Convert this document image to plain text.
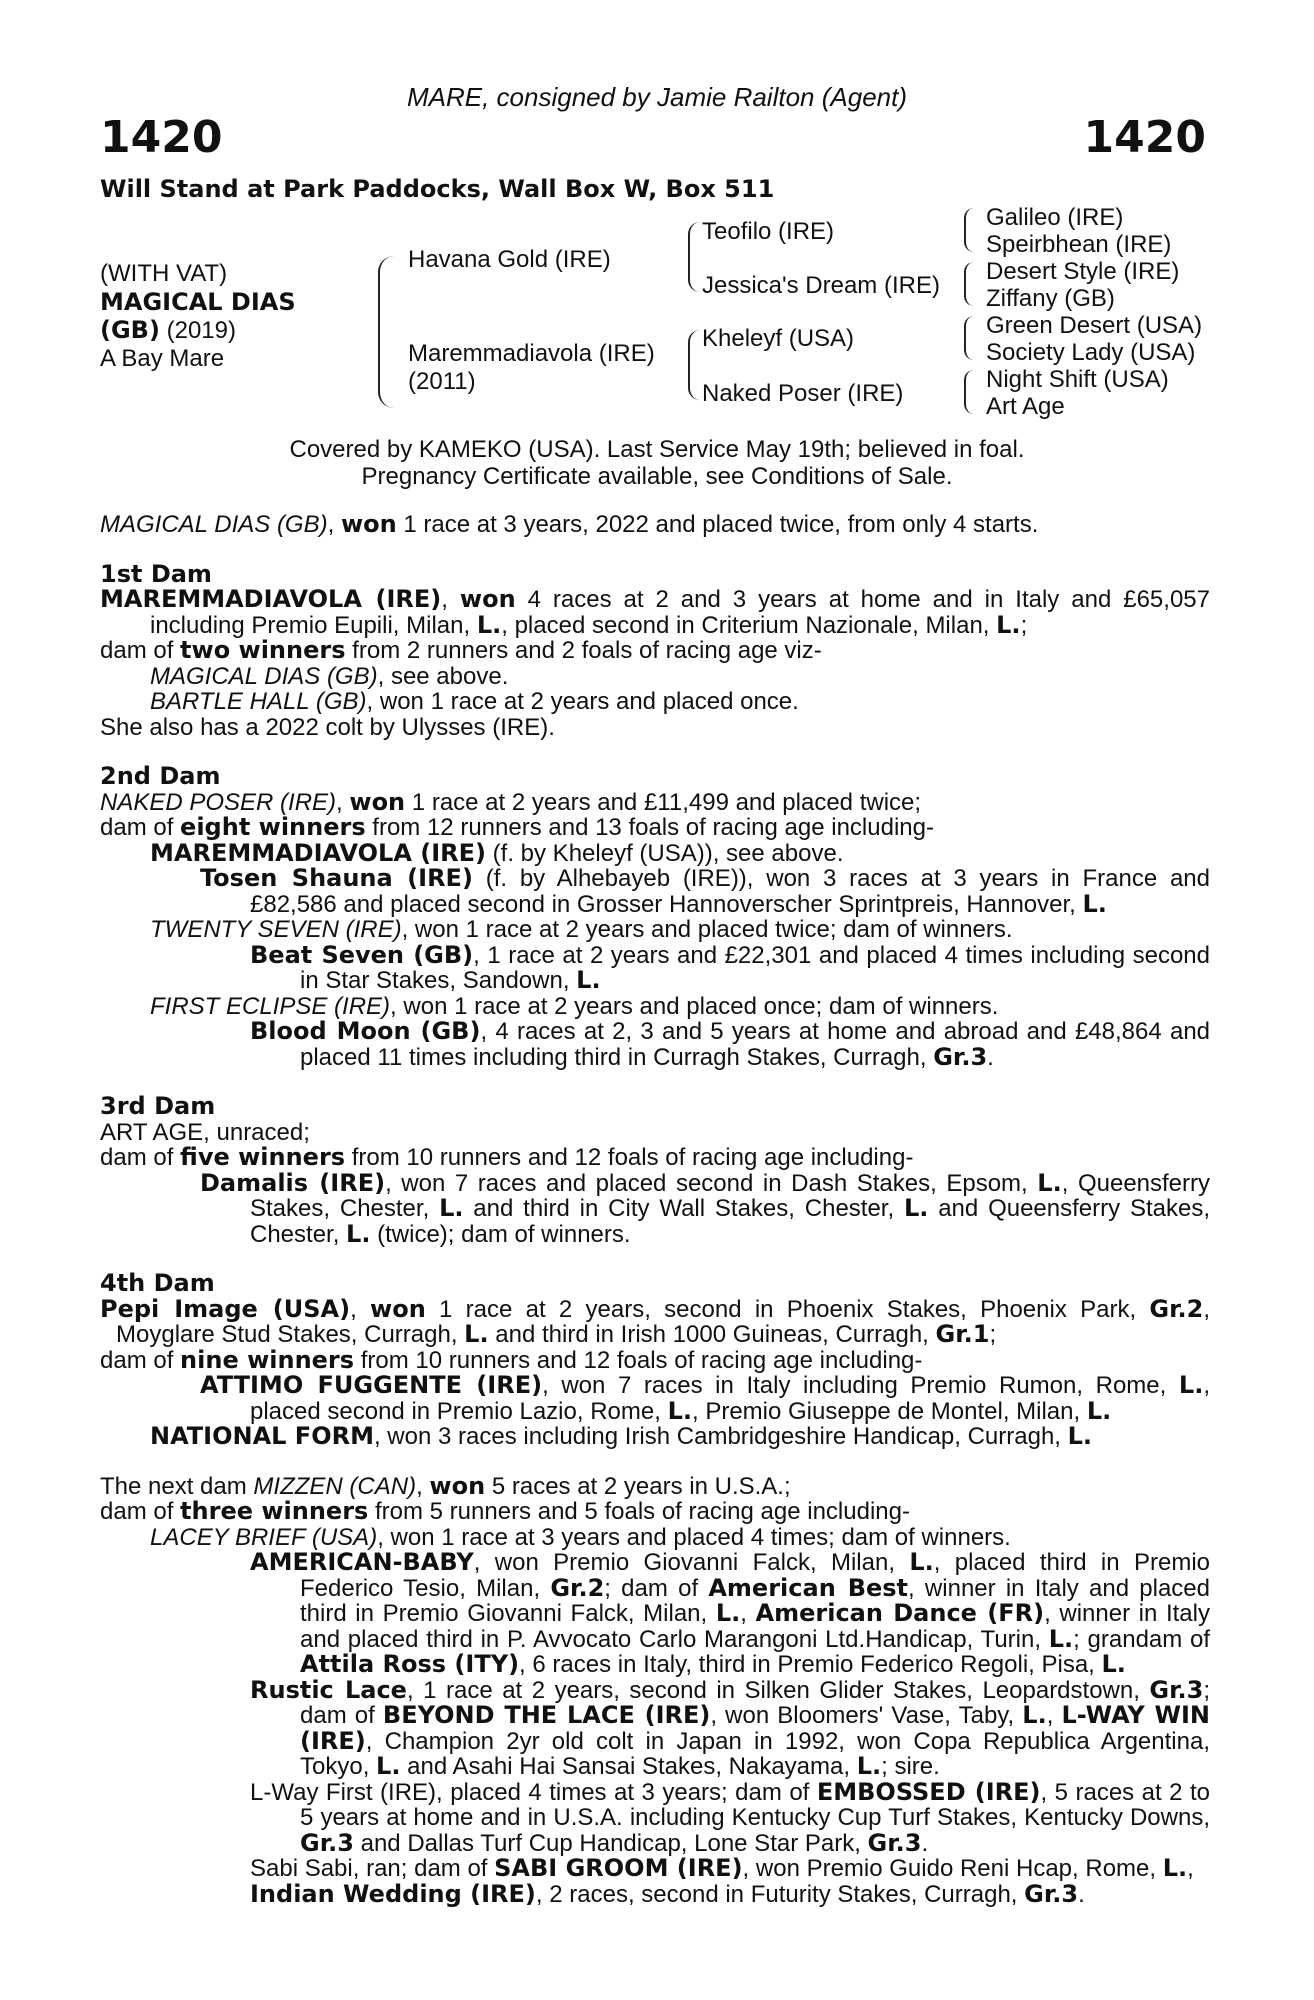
MARE, consigned by Jamie Railton (Agent)
1420	1420
Will Stand at Park Paddocks, Wall Box W, Box 511
(WITH VAT)
MAGICAL DIAS
(GB) (2019)
A Bay Mare
Havana Gold (IRE)
Maremmadiavola (IRE)
(2011)
Teofilo (IRE)
Jessica's Dream (IRE)
Kheleyf (USA)
Naked Poser (IRE)
Galileo (IRE)
Speirbhean (IRE)
Desert Style (IRE)
Ziffany (GB)
Green Desert (USA)
Society Lady (USA)
Night Shift (USA)
Art Age
Covered by KAMEKO (USA). Last Service May 19th; believed in foal.
Pregnancy Certificate available, see Conditions of Sale.

MAGICAL DIAS (GB), won 1 race at 3 years, 2022 and placed twice, from only 4 starts.

1st Dam

MAREMMADIAVOLA (IRE), won 4 races at 2 and 3 years at home and in Italy and £65,057 including Premio Eupili, Milan, L., placed second in Criterium Nazionale, Milan, L.;

dam of two winners from 2 runners and 2 foals of racing age viz-

MAGICAL DIAS (GB), see above.

BARTLE HALL (GB), won 1 race at 2 years and placed once.

She also has a 2022 colt by Ulysses (IRE).

2nd Dam

NAKED POSER (IRE), won 1 race at 2 years and £11,499 and placed twice;

dam of eight winners from 12 runners and 13 foals of racing age including-

MAREMMADIAVOLA (IRE) (f. by Kheleyf (USA)), see above.

Tosen Shauna (IRE) (f. by Alhebayeb (IRE)), won 3 races at 3 years in France and £82,586 and placed second in Grosser Hannoverscher Sprintpreis, Hannover, L.

TWENTY SEVEN (IRE), won 1 race at 2 years and placed twice; dam of winners.

Beat Seven (GB), 1 race at 2 years and £22,301 and placed 4 times including second in Star Stakes, Sandown, L.

FIRST ECLIPSE (IRE), won 1 race at 2 years and placed once; dam of winners.

Blood Moon (GB), 4 races at 2, 3 and 5 years at home and abroad and £48,864 and placed 11 times including third in Curragh Stakes, Curragh, Gr.3.

3rd Dam

ART AGE, unraced;

dam of five winners from 10 runners and 12 foals of racing age including-

Damalis (IRE), won 7 races and placed second in Dash Stakes, Epsom, L., Queensferry Stakes, Chester, L. and third in City Wall Stakes, Chester, L. and Queensferry Stakes, Chester, L. (twice); dam of winners.

4th Dam

Pepi Image (USA), won 1 race at 2 years, second in Phoenix Stakes, Phoenix Park, Gr.2, Moyglare Stud Stakes, Curragh, L. and third in Irish 1000 Guineas, Curragh, Gr.1;

dam of nine winners from 10 runners and 12 foals of racing age including-

ATTIMO FUGGENTE (IRE), won 7 races in Italy including Premio Rumon, Rome, L., placed second in Premio Lazio, Rome, L., Premio Giuseppe de Montel, Milan, L.

NATIONAL FORM, won 3 races including Irish Cambridgeshire Handicap, Curragh, L.

The next dam MIZZEN (CAN), won 5 races at 2 years in U.S.A.;

dam of three winners from 5 runners and 5 foals of racing age including-

LACEY BRIEF (USA), won 1 race at 3 years and placed 4 times; dam of winners.

AMERICAN-BABY, won Premio Giovanni Falck, Milan, L., placed third in Premio Federico Tesio, Milan, Gr.2; dam of American Best, winner in Italy and placed third in Premio Giovanni Falck, Milan, L., American Dance (FR), winner in Italy and placed third in P. Avvocato Carlo Marangoni Ltd.Handicap, Turin, L.; grandam of Attila Ross (ITY), 6 races in Italy, third in Premio Federico Regoli, Pisa, L.

Rustic Lace, 1 race at 2 years, second in Silken Glider Stakes, Leopardstown, Gr.3; dam of BEYOND THE LACE (IRE), won Bloomers' Vase, Taby, L., L-WAY WIN (IRE), Champion 2yr old colt in Japan in 1992, won Copa Republica Argentina, Tokyo, L. and Asahi Hai Sansai Stakes, Nakayama, L.; sire.

L-Way First (IRE), placed 4 times at 3 years; dam of EMBOSSED (IRE), 5 races at 2 to 5 years at home and in U.S.A. including Kentucky Cup Turf Stakes, Kentucky Downs, Gr.3 and Dallas Turf Cup Handicap, Lone Star Park, Gr.3.

Sabi Sabi, ran; dam of SABI GROOM (IRE), won Premio Guido Reni Hcap, Rome, L.,

Indian Wedding (IRE), 2 races, second in Futurity Stakes, Curragh, Gr.3.
